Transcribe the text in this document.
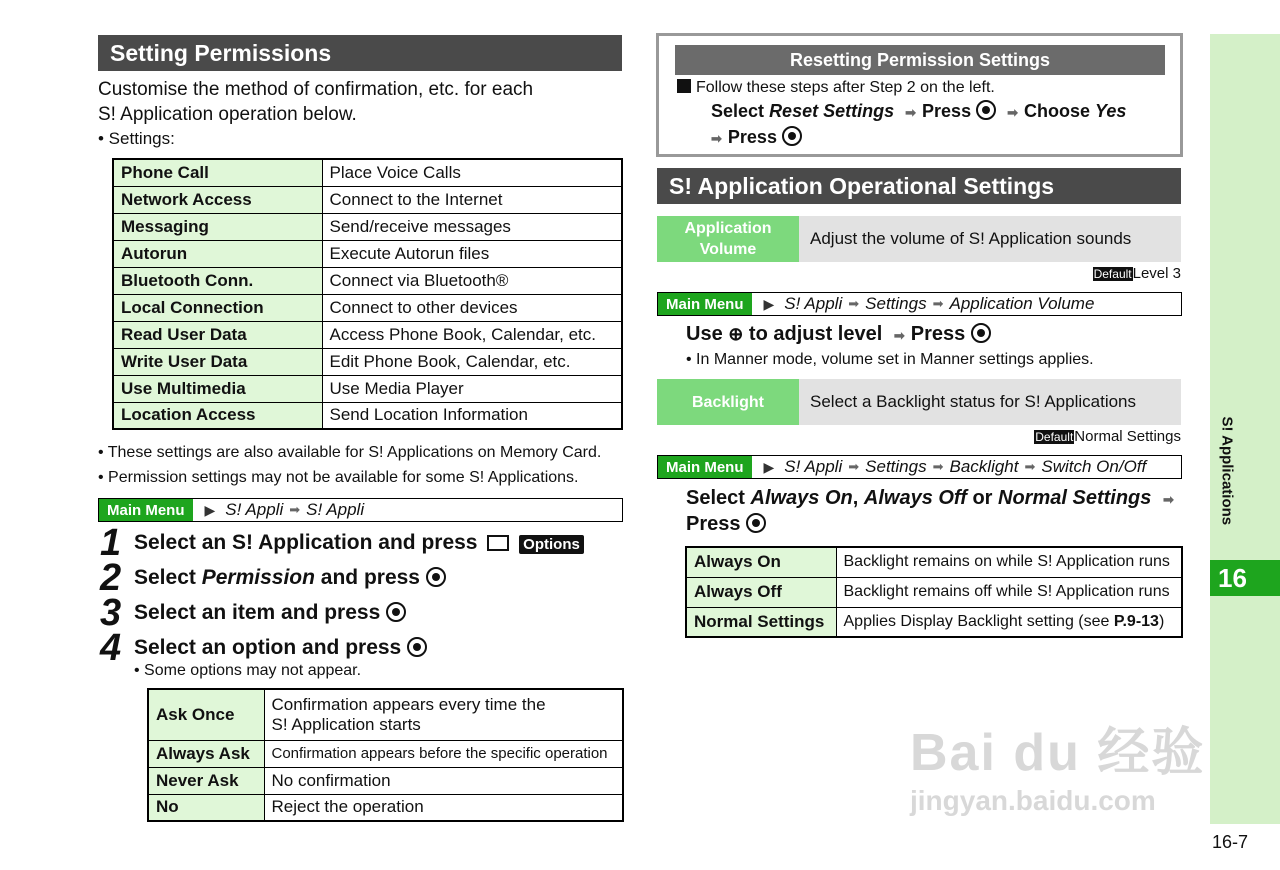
Setting Permissions
Customise the method of confirmation, etc. for each
S! Application operation below.
• Settings:
Phone Call	Place Voice Calls
Network Access	Connect to the Internet
Messaging	Send/receive messages
Autorun	Execute Autorun files
Bluetooth Conn.	Connect via Bluetooth®
Local Connection	Connect to other devices
Read User Data	Access Phone Book, Calendar, etc.
Write User Data	Edit Phone Book, Calendar, etc.
Use Multimedia	Use Media Player
Location Access	Send Location Information
• These settings are also available for S! Applications on Memory Card.
• Permission settings may not be available for some S! Applications.
Main Menu	▶ S! Appli ➡ S! Appli
1 Select an S! Application and press	Options
2 Select Permission and press
3 Select an item and press
4 Select an option and press
• Some options may not appear.
Ask Once	Confirmation appears every time the
S! Application starts

Always Ask	Confirmation appears before the specific operation
Never Ask	No confirmation
No	Reject the operation
Resetting Permission Settings
Follow these steps after Step 2 on the left.
Select Reset Settings ➡ Press	➡ Choose Yes
➡ Press
S! Application Operational Settings
Application Volume
Adjust the volume of S! Application sounds
DefaultLevel 3
Main Menu	▶ S! Appli ➡ Settings ➡ Application Volume
Use ⊕ to adjust level ➡ Press
• In Manner mode, volume set in Manner settings applies.
Backlight	Select a Backlight status for S! Applications
DefaultNormal Settings
Main Menu	▶ S! Appli ➡ Settings ➡ Backlight ➡ Switch On/Off
Select Always On, Always Off or Normal Settings ➡
Press
Always On	Backlight remains on while S! Application runs
Always Off	Backlight remains off while S! Application runs
Normal Settings	Applies Display Backlight setting (see P.9-13)
Bai du 经验
jingyan.baidu.com
S! Applications
16
16-7
